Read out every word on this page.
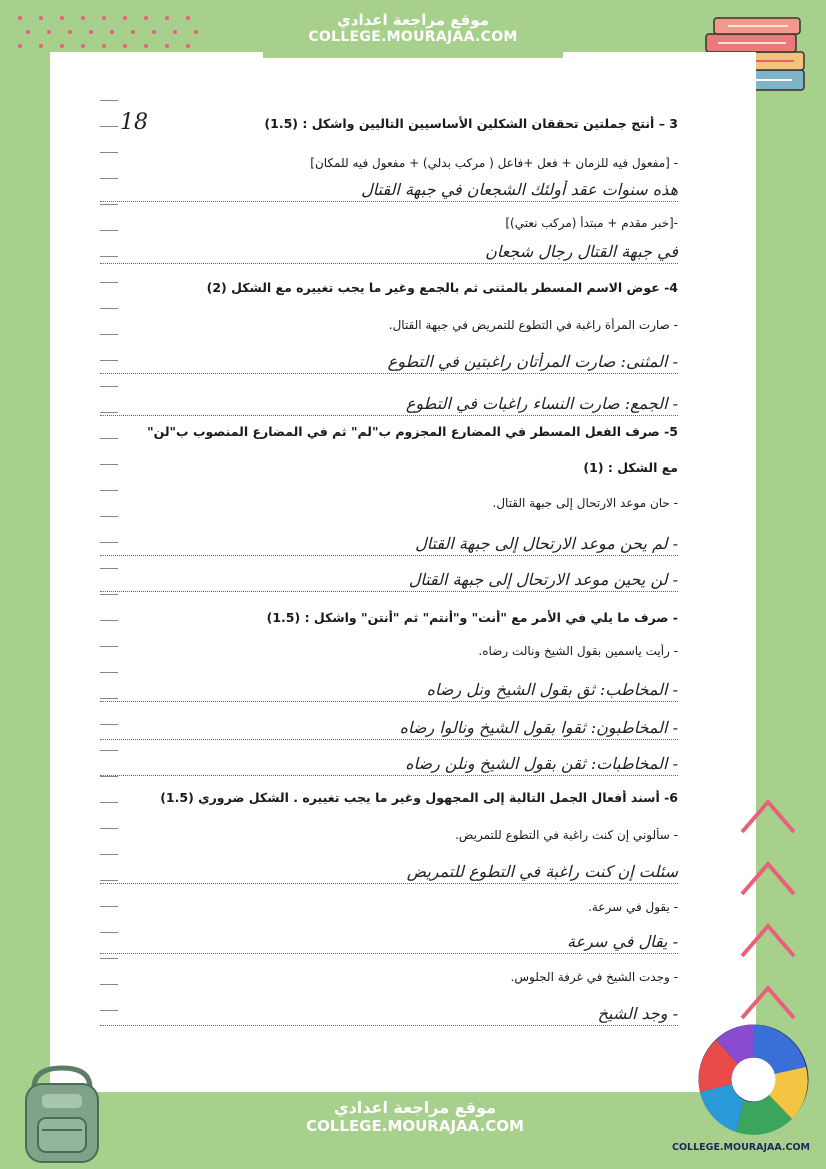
موقع مراجعة اعدادي
COLLEGE.MOURAJAA.COM
18	3 – أنتج جملتين تحققان الشكلين الأساسيين التاليين واشكل : (1.5)
- [مفعول فيه للزمان + فعل +فاعل ( مركب بدلي) + مفعول فيه للمكان]
هذه سنوات عقد أولئك الشجعان في جبهة القتال
-[خبر مقدم + مبتدأ (مركب نعتي)]
في جبهة القتال رجال شجعان
4- عوض الاسم المسطر بالمثنى ثم بالجمع وغير ما يجب تغييره مع الشكل (2)
- صارت المرأة راغبة في التطوع للتمريض في جبهة القتال.
- المثنى: صارت المرأتان راغبتين في التطوع
- الجمع: صارت النساء راغبات في التطوع
5- صرف الفعل المسطر في المضارع المجزوم ب"لم" ثم في المضارع المنصوب ب"لن"
مع الشكل : (1)
- حان موعد الارتحال إلى جبهة القتال.
- لم يحن موعد الارتحال إلى جبهة القتال
- لن يحين موعد الارتحال إلى جبهة القتال
- صرف ما يلي في الأمر مع "أنت" و"أنتم" ثم "أنتن" واشكل : (1.5)
- رأيت ياسمين بقول الشيخ ونالت رضاه.
- المخاطب: ثق بقول الشيخ ونل رضاه
- المخاطبون: ثقوا بقول الشيخ ونالوا رضاه
- المخاطبات: ثقن بقول الشيخ ونلن رضاه
6- أسند أفعال الجمل التالية إلى المجهول وغير ما يجب تغييره . الشكل ضروري (1.5)
- سألوني إن كنت راغبة في التطوع للتمريض.
سئلت إن كنت راغبة في التطوع للتمريض
- يقول في سرعة.
- يقال في سرعة
- وجدت الشيخ في غرفة الجلوس.
- وجد الشيخ
موقع مراجعة اعدادي
COLLEGE.MOURAJAA.COM
COLLEGE.MOURAJAA.COM
